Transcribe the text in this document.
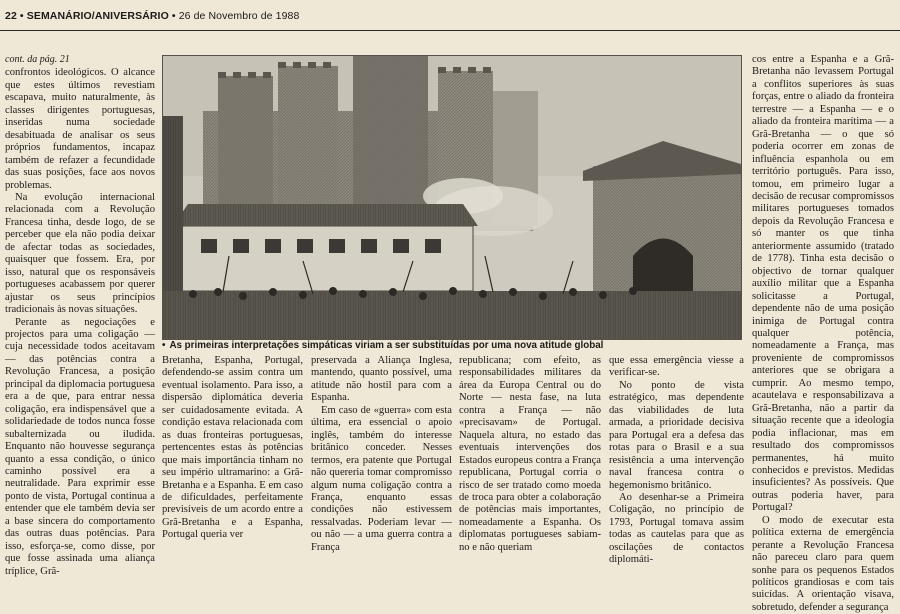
22 • SEMANÁRIO/ANIVERSÁRIO • 26 de Novembro de 1988

cont. da pág. 21

confrontos ideológicos. O alcance que estes últimos revestiam escapava, muito naturalmente, às classes dirigentes portuguesas, inseridas numa sociedade desabituada de analisar os seus próprios fundamentos, incapaz também de refazer a fecundidade das suas posições, face aos novos problemas.

Na evolução internacional relacionada com a Revolução Francesa tinha, desde logo, de se perceber que ela não podia deixar de afectar todas as sociedades, quaisquer que fossem. Era, por isso, natural que os responsáveis portugueses acabassem por querer ajustar os seus princípios tradicionais às novas situações.

Perante as negociações e projectos para uma coligação — cuja necessidade todos aceitavam — das potências contra a Revolução Francesa, a posição principal da diplomacia portuguesa era a de que, para entrar nessa coligação, era indispensável que a solidariedade de todos nunca fosse subalternizada ou iludida. Enquanto não houvesse segurança quanto a essa condição, o único caminho possível era a neutralidade. Para exprimir esse ponto de vista, Portugal continua a entender que ele também devia ser a base sincera do comportamento das outras duas potências. Para isso, esforça-se, como disse, por que fosse assinada uma aliança tríplice, Grã-

• As primeiras interpretações simpáticas viriam a ser substituídas por uma nova atitude global

Bretanha, Espanha, Portugal, defendendo-se assim contra um eventual isolamento. Para isso, a dispersão diplomática deveria ser cuidadosamente evitada. A condição estava relacionada com as duas fronteiras portuguesas, pertencentes estas às potências que mais importância tinham no seu império ultramarino: a Grã-Bretanha e a Espanha. E em caso de dificuldades, perfeitamente previsíveis de um acordo entre a Grã-Bretanha e a Espanha, Portugal queria ver

preservada a Aliança Inglesa, mantendo, quanto possível, uma atitude não hostil para com a Espanha.

Em caso de «guerra» com esta última, era essencial o apoio inglês, também do interesse britânico conceder. Nesses termos, era patente que Portugal não quereria tomar compromisso algum numa coligação contra a França, enquanto essas condições não estivessem ressalvadas. Poderiam levar — ou não — a uma guerra contra a França

republicana; com efeito, as responsabilidades militares da área da Europa Central ou do Norte — nesta fase, na luta contra a França — não «precisavam» de Portugal. Naquela altura, no estado das eventuais intervenções dos Estados europeus contra a França republicana, Portugal corria o risco de ser tratado como moeda de troca para obter a colaboração de potências mais importantes, nomeadamente a Espanha. Os diplomatas portugueses sabiam-no e não queriam

que essa emergência viesse a verificar-se.

No ponto de vista estratégico, mas dependente das viabilidades de luta armada, a prioridade decisiva para Portugal era a defesa das rotas para o Brasil e a sua resistência a uma intervenção naval francesa contra o hegemonismo britânico.

Ao desenhar-se a Primeira Coligação, no princípio de 1793, Portugal tomava assim todas as cautelas para que as oscilações de contactos diplomáti-

cos entre a Espanha e a Grã-Bretanha não levassem Portugal a conflitos superiores às suas forças, entre o aliado da fronteira terrestre — a Espanha — e o aliado da fronteira marítima — a Grã-Bretanha — o que só poderia ocorrer em zonas de influência espanhola ou em território português. Para isso, tomou, em primeiro lugar a decisão de recusar compromissos militares portugueses tomados depois da Revolução Francesa e só manter os que tinha anteriormente assumido (tratado de 1778). Tinha esta decisão o objectivo de tornar qualquer auxílio militar que a Espanha solicitasse a Portugal, dependente não de uma posição inimiga de Portugal contra qualquer potência, nomeadamente a França, mas proveniente de compromissos anteriores que se obrigara a cumprir. Ao mesmo tempo, acautelava e responsabilizava a Grã-Bretanha, não a partir da situação recente que a ideologia podia inflacionar, mas em resultado dos compromissos permanentes, há muito conhecidos e previstos. Medidas insuficientes? As possíveis. Que outras poderia haver, para Portugal?

O modo de executar esta política externa de emergência perante a Revolução Francesa não pareceu claro para quem sonhe para os pequenos Estados políticos grandiosas e com tais suicídas. A orientação visava, sobretudo, defender a segurança
